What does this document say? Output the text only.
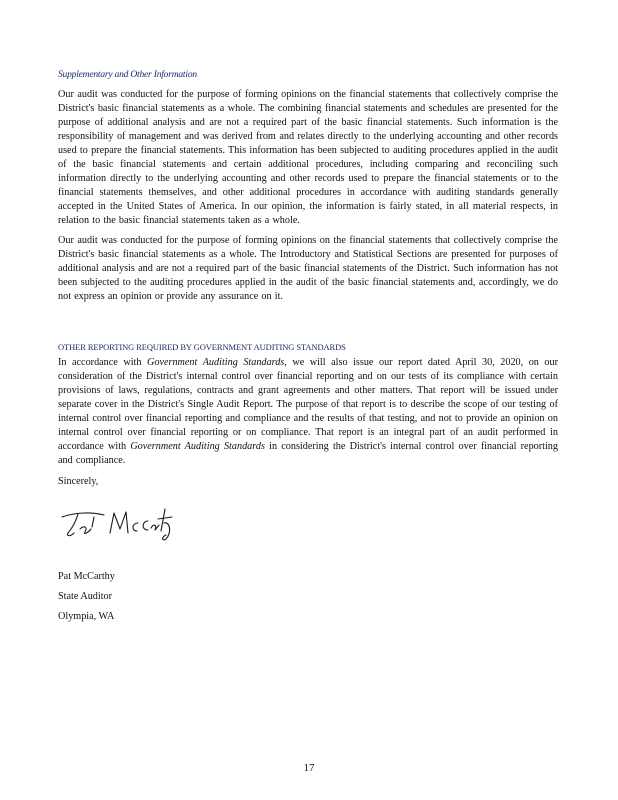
Supplementary and Other Information

Our audit was conducted for the purpose of forming opinions on the financial statements that collectively comprise the District's basic financial statements as a whole. The combining financial statements and schedules are presented for the purpose of additional analysis and are not a required part of the basic financial statements. Such information is the responsibility of management and was derived from and relates directly to the underlying accounting and other records used to prepare the financial statements. This information has been subjected to auditing procedures applied in the audit of the basic financial statements and certain additional procedures, including comparing and reconciling such information directly to the underlying accounting and other records used to prepare the financial statements or to the financial statements themselves, and other additional procedures in accordance with auditing standards generally accepted in the United States of America. In our opinion, the information is fairly stated, in all material respects, in relation to the basic financial statements taken as a whole.

Our audit was conducted for the purpose of forming opinions on the financial statements that collectively comprise the District's basic financial statements as a whole. The Introductory and Statistical Sections are presented for purposes of additional analysis and are not a required part of the basic financial statements of the District. Such information has not been subjected to the auditing procedures applied in the audit of the basic financial statements and, accordingly, we do not express an opinion or provide any assurance on it.

OTHER REPORTING REQUIRED BY GOVERNMENT AUDITING STANDARDS

In accordance with Government Auditing Standards, we will also issue our report dated April 30, 2020, on our consideration of the District's internal control over financial reporting and on our tests of its compliance with certain provisions of laws, regulations, contracts and grant agreements and other matters. That report will be issued under separate cover in the District's Single Audit Report. The purpose of that report is to describe the scope of our testing of internal control over financial reporting and compliance and the results of that testing, and not to provide an opinion on internal control over financial reporting or on compliance. That report is an integral part of an audit performed in accordance with Government Auditing Standards in considering the District's internal control over financial reporting and compliance.

Sincerely,
Pat McCarthy
State Auditor
Olympia, WA
17
